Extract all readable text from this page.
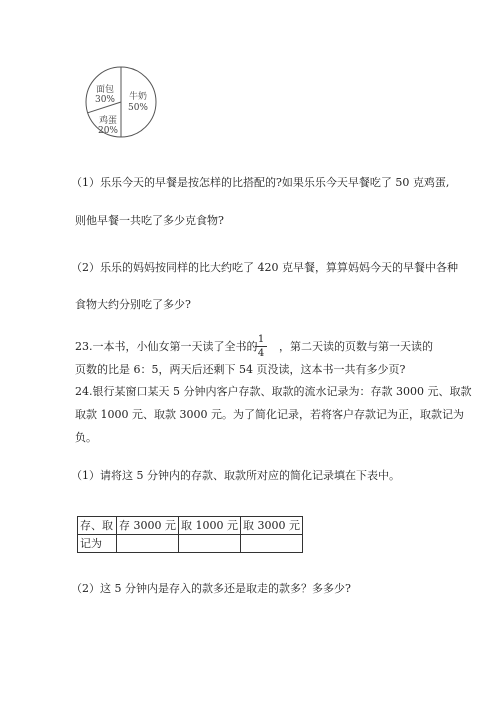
面包
30% 牛奶
50%
鸡蛋
20%
（1）乐乐今天的早餐是按怎样的比搭配的?如果乐乐今天早餐吃了 50 克鸡蛋,
则他早餐一共吃了多少克食物?
（2）乐乐的妈妈按同样的比大约吃了 420 克早餐，算算妈妈今天的早餐中各种
食物大约分别吃了多少?
23.一本书，小仙女第一天读了全书的
1
4
，第二天读的页数与第一天读的
页数的比是 6：5，两天后还剩下 54 页没读，这本书一共有多少页?
24.银行某窗口某天 5 分钟内客户存款、取款的流水记录为：存款 3000 元、取款
取款 1000 元、取款 3000 元。为了简化记录，若将客户存款记为正，取款记为
负。
（1）请将这 5 分钟内的存款、取款所对应的简化记录填在下表中。
存、取	存 3000 元	取 1000 元	取 3000 元
记为			
（2）这 5 分钟内是存入的款多还是取走的款多？多多少?
